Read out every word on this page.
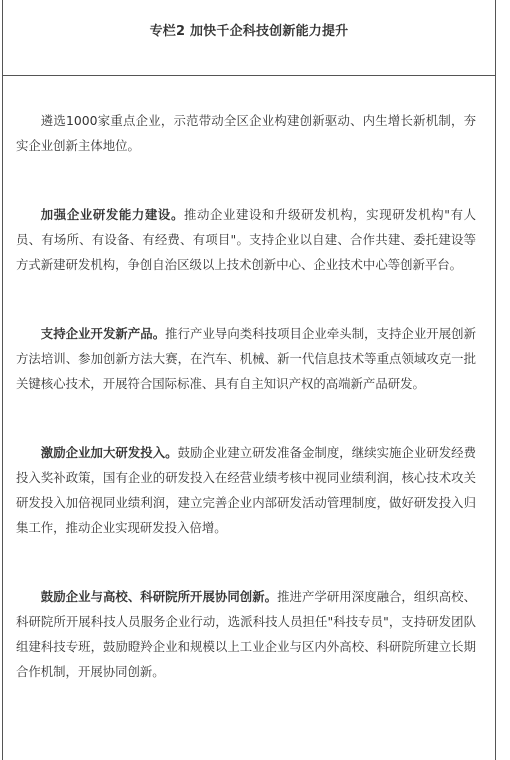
专栏2 加快千企科技创新能力提升

遴选1000家重点企业，示范带动全区企业构建创新驱动、内生增长新机制，夯实企业创新主体地位。

加强企业研发能力建设。推动企业建设和升级研发机构，实现研发机构"有人员、有场所、有设备、有经费、有项目"。支持企业以自建、合作共建、委托建设等方式新建研发机构，争创自治区级以上技术创新中心、企业技术中心等创新平台。

支持企业开发新产品。推行产业导向类科技项目企业牵头制，支持企业开展创新方法培训、参加创新方法大赛，在汽车、机械、新一代信息技术等重点领域攻克一批关键核心技术，开展符合国际标准、具有自主知识产权的高端新产品研发。

激励企业加大研发投入。鼓励企业建立研发准备金制度，继续实施企业研发经费投入奖补政策，国有企业的研发投入在经营业绩考核中视同业绩利润，核心技术攻关研发投入加倍视同业绩利润，建立完善企业内部研发活动管理制度，做好研发投入归集工作，推动企业实现研发投入倍增。

鼓励企业与高校、科研院所开展协同创新。推进产学研用深度融合，组织高校、科研院所开展科技人员服务企业行动，选派科技人员担任"科技专员"，支持研发团队组建科技专班，鼓励瞪羚企业和规模以上工业企业与区内外高校、科研院所建立长期合作机制，开展协同创新。
